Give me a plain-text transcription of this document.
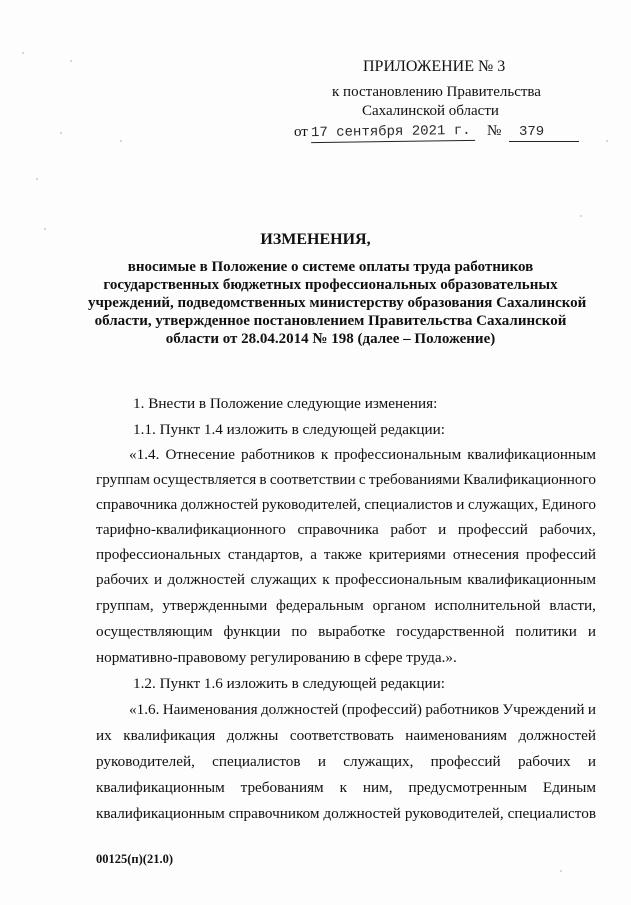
ПРИЛОЖЕНИЕ № 3
к постановлению Правительства
Сахалинской области
от 17 сентября 2021 г. №	379
ИЗМЕНЕНИЯ,
вносимые в Положение о системе оплаты труда работников
государственных бюджетных профессиональных образовательных
учреждений, подведомственных министерству образования Сахалинской
области, утвержденное постановлением Правительства Сахалинской
области от 28.04.2014 № 198 (далее – Положение)
1. Внести в Положение следующие изменения:
1.1. Пункт 1.4 изложить в следующей редакции:
«1.4. Отнесение работников к профессиональным квалификационным
группам осуществляется в соответствии с требованиями Квалификационного
справочника должностей руководителей, специалистов и служащих, Единого
тарифно-квалификационного справочника работ и профессий рабочих,
профессиональных стандартов, а также критериями отнесения профессий
рабочих и должностей служащих к профессиональным квалификационным
группам, утвержденными федеральным органом исполнительной власти,
осуществляющим функции по выработке государственной политики и
нормативно-правовому регулированию в сфере труда.».
1.2. Пункт 1.6 изложить в следующей редакции:
«1.6. Наименования должностей (профессий) работников Учреждений и
их квалификация должны соответствовать наименованиям должностей
руководителей, специалистов и служащих, профессий рабочих и
квалификационным требованиям к ним, предусмотренным Единым
квалификационным справочником должностей руководителей, специалистов
00125(п)(21.0)
